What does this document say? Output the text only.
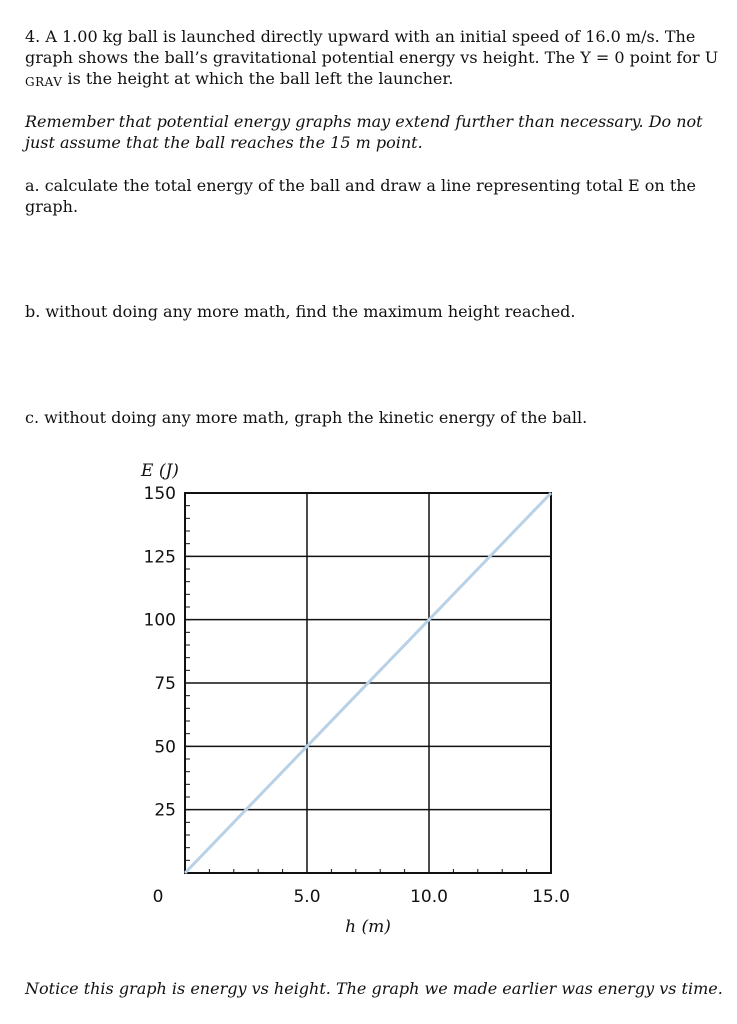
4. A 1.00 kg ball is launched directly upward with an initial speed of 16.0 m/s. The graph shows the ball’s gravitational potential energy vs height. The Y = 0 point for U GRAV is the height at which the ball left the launcher.

Remember that potential energy graphs may extend further than necessary. Do not just assume that the ball reaches the 15 m point.

a. calculate the total energy of the ball and draw a line representing total E on the graph.

b. without doing any more math, find the maximum height reached.

c. without doing any more math, graph the kinetic energy of the ball.

150
125
100
75
50
25
0	5.0	10.0	15.0
E (J)
h (m)

Notice this graph is energy vs height. The graph we made earlier was energy vs time.
